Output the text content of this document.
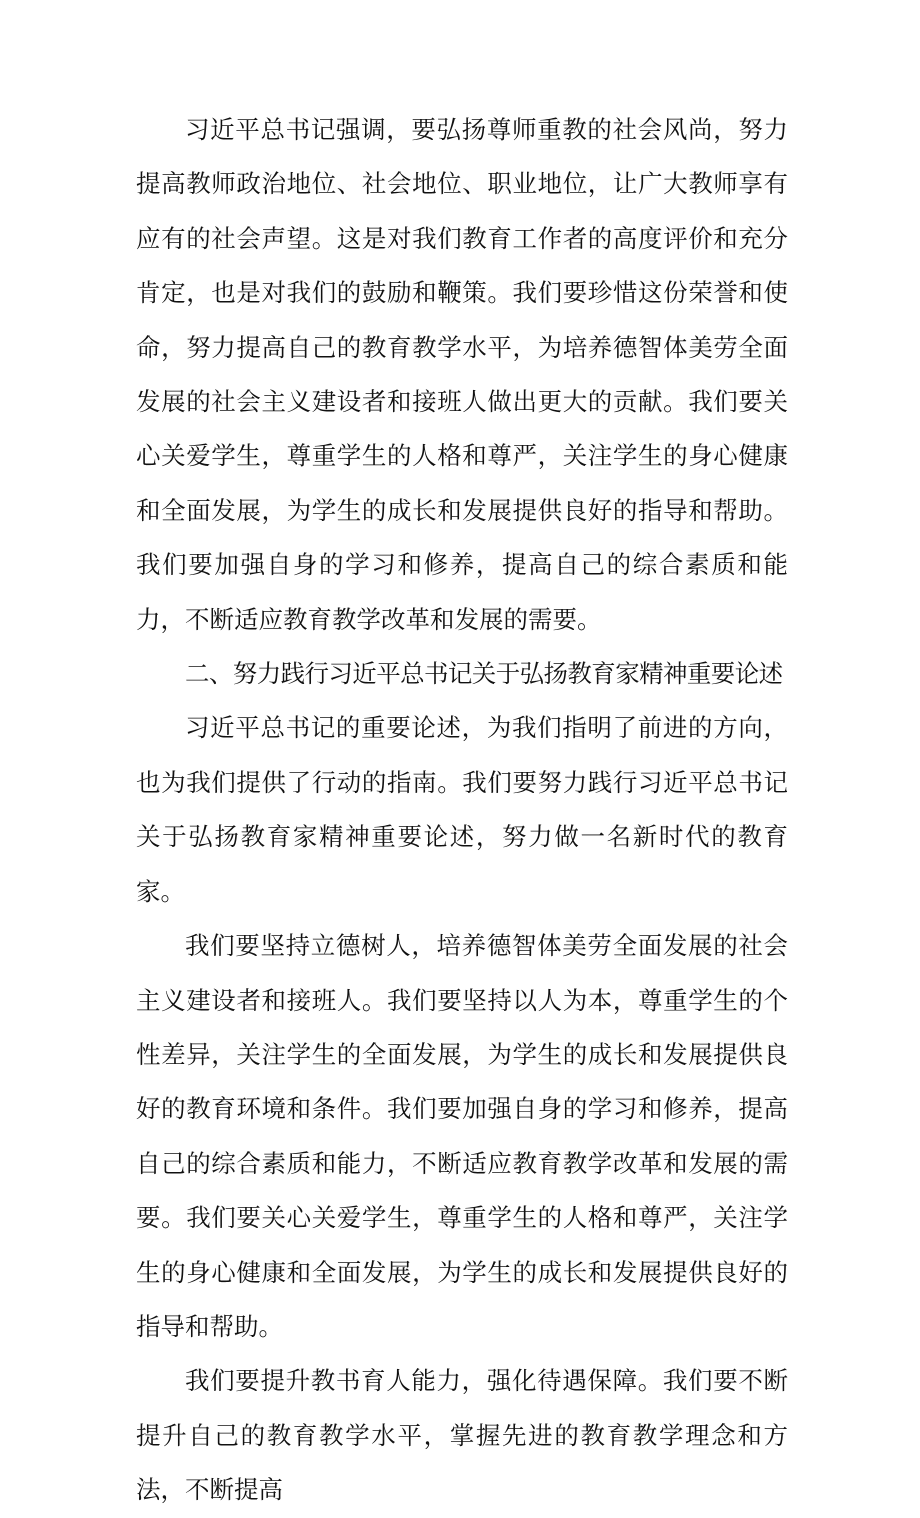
习近平总书记强调，要弘扬尊师重教的社会风尚，努力提高教师政治地位、社会地位、职业地位，让广大教师享有应有的社会声望。这是对我们教育工作者的高度评价和充分肯定，也是对我们的鼓励和鞭策。我们要珍惜这份荣誉和使命，努力提高自己的教育教学水平，为培养德智体美劳全面发展的社会主义建设者和接班人做出更大的贡献。我们要关心关爱学生，尊重学生的人格和尊严，关注学生的身心健康和全面发展，为学生的成长和发展提供良好的指导和帮助。我们要加强自身的学习和修养，提高自己的综合素质和能力，不断适应教育教学改革和发展的需要。

二、努力践行习近平总书记关于弘扬教育家精神重要论述

习近平总书记的重要论述，为我们指明了前进的方向，也为我们提供了行动的指南。我们要努力践行习近平总书记关于弘扬教育家精神重要论述，努力做一名新时代的教育家。

我们要坚持立德树人，培养德智体美劳全面发展的社会主义建设者和接班人。我们要坚持以人为本，尊重学生的个性差异，关注学生的全面发展，为学生的成长和发展提供良好的教育环境和条件。我们要加强自身的学习和修养，提高自己的综合素质和能力，不断适应教育教学改革和发展的需要。我们要关心关爱学生，尊重学生的人格和尊严，关注学生的身心健康和全面发展，为学生的成长和发展提供良好的指导和帮助。

我们要提升教书育人能力，强化待遇保障。我们要不断提升自己的教育教学水平，掌握先进的教育教学理念和方法，不断提高
